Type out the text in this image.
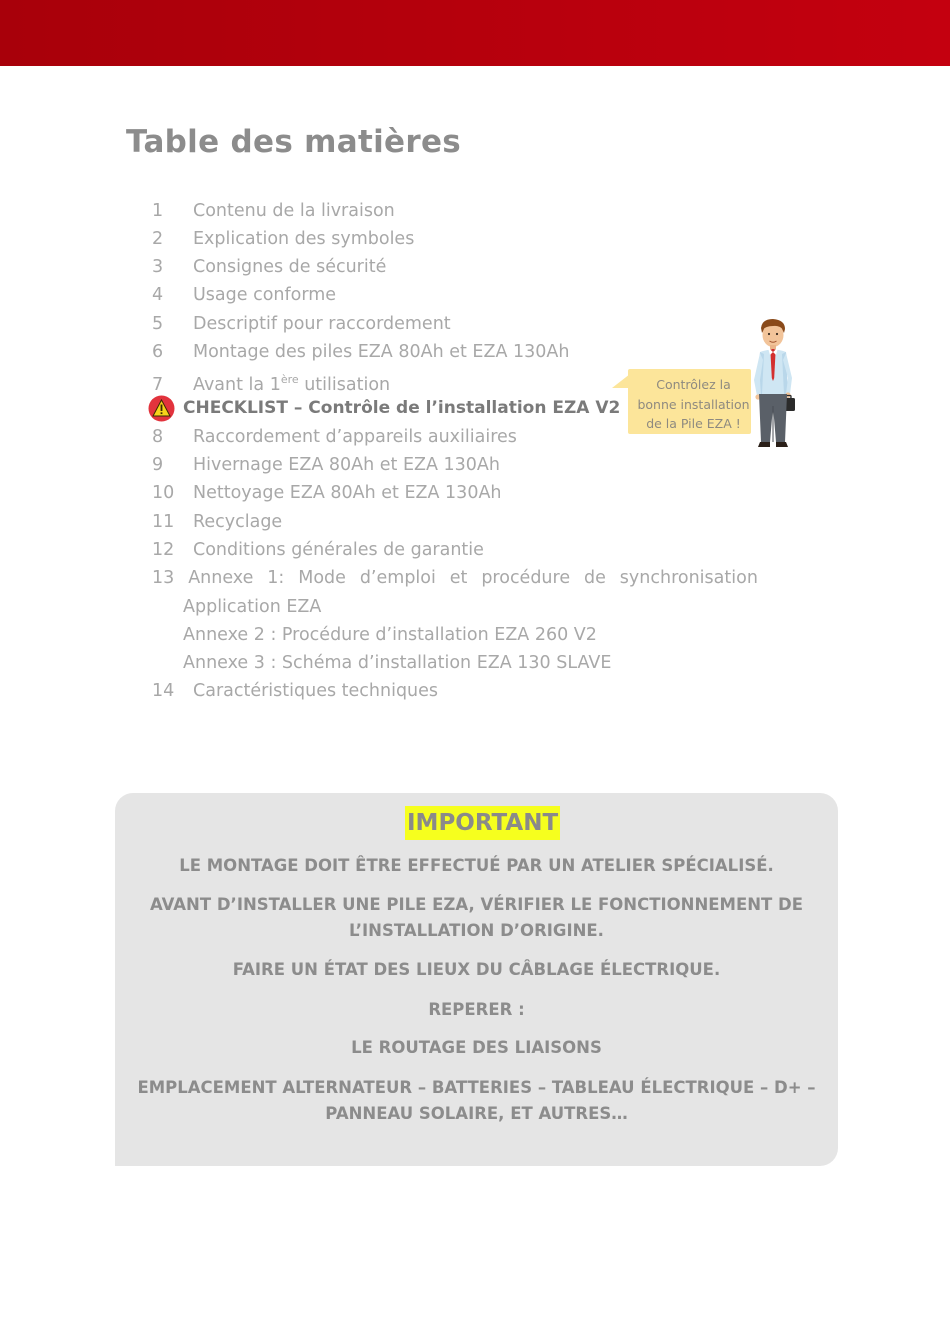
Table des matières
1 Contenu de la livraison
2 Explication des symboles
3 Consignes de sécurité
4 Usage conforme
5 Descriptif pour raccordement
6 Montage des piles EZA 80Ah et EZA 130Ah
7 Avant la 1ère utilisation
CHECKLIST – Contrôle de l’installation EZA V2
8 Raccordement d’appareils auxiliaires
9 Hivernage EZA 80Ah et EZA 130Ah
10 Nettoyage EZA 80Ah et EZA 130Ah
11 Recyclage
12 Conditions générales de garantie
13 Annexe 1: Mode d’emploi et procédure de synchronisation
Application EZA
Annexe 2 : Procédure d’installation EZA 260 V2
Annexe 3 : Schéma d’installation EZA 130 SLAVE
14 Caractéristiques techniques
Contrôlez la
bonne installation
de la Pile EZA !
IMPORTANT
LE MONTAGE DOIT ÊTRE EFFECTUÉ PAR UN ATELIER SPÉCIALISÉ.
AVANT D’INSTALLER UNE PILE EZA, VÉRIFIER LE FONCTIONNEMENT DE
L’INSTALLATION D’ORIGINE.
FAIRE UN ÉTAT DES LIEUX DU CÂBLAGE ÉLECTRIQUE.
REPERER :
LE ROUTAGE DES LIAISONS
EMPLACEMENT ALTERNATEUR – BATTERIES – TABLEAU ÉLECTRIQUE – D+ –
PANNEAU SOLAIRE, ET AUTRES…
